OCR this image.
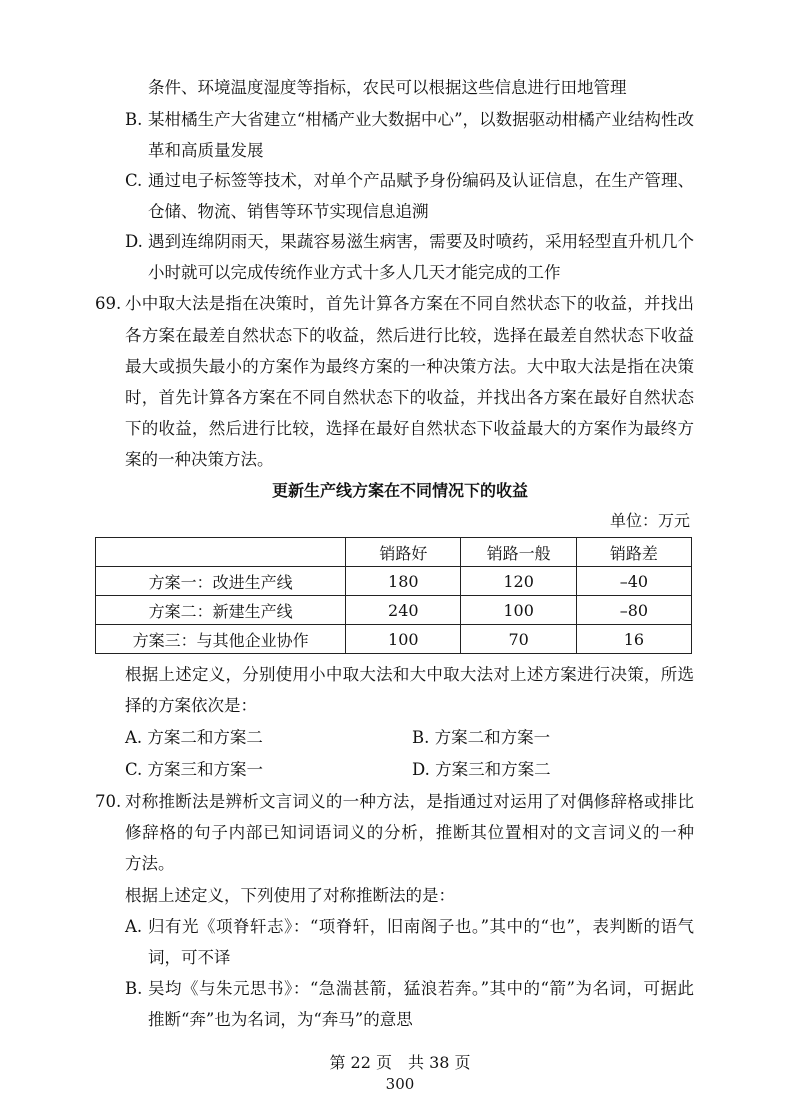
条件、环境温度湿度等指标，农民可以根据这些信息进行田地管理
B. 某柑橘生产大省建立“柑橘产业大数据中心”，以数据驱动柑橘产业结构性改
革和高质量发展
C. 通过电子标签等技术，对单个产品赋予身份编码及认证信息，在生产管理、
仓储、物流、销售等环节实现信息追溯
D. 遇到连绵阴雨天，果蔬容易滋生病害，需要及时喷药，采用轻型直升机几个
小时就可以完成传统作业方式十多人几天才能完成的工作
69. 小中取大法是指在决策时，首先计算各方案在不同自然状态下的收益，并找出
各方案在最差自然状态下的收益，然后进行比较，选择在最差自然状态下收益
最大或损失最小的方案作为最终方案的一种决策方法。大中取大法是指在决策
时，首先计算各方案在不同自然状态下的收益，并找出各方案在最好自然状态
下的收益，然后进行比较，选择在最好自然状态下收益最大的方案作为最终方
案的一种决策方法。
更新生产线方案在不同情况下的收益
单位：万元
	销路好	销路一般	销路差
方案一：改进生产线	180	120	–40
方案二：新建生产线	240	100	–80
方案三：与其他企业协作	100	70	16
根据上述定义，分别使用小中取大法和大中取大法对上述方案进行决策，所选
择的方案依次是：
A. 方案二和方案二	B. 方案二和方案一
C. 方案三和方案一	D. 方案三和方案二
70. 对称推断法是辨析文言词义的一种方法，是指通过对运用了对偶修辞格或排比
修辞格的句子内部已知词语词义的分析，推断其位置相对的文言词义的一种
方法。
根据上述定义，下列使用了对称推断法的是：
A. 归有光《项脊轩志》：“项脊轩，旧南阁子也。”其中的“也”，表判断的语气
词，可不译
B. 吴均《与朱元思书》：“急湍甚箭，猛浪若奔。”其中的“箭”为名词，可据此
推断“奔”也为名词，为“奔马”的意思
第 22 页　共 38 页
300
